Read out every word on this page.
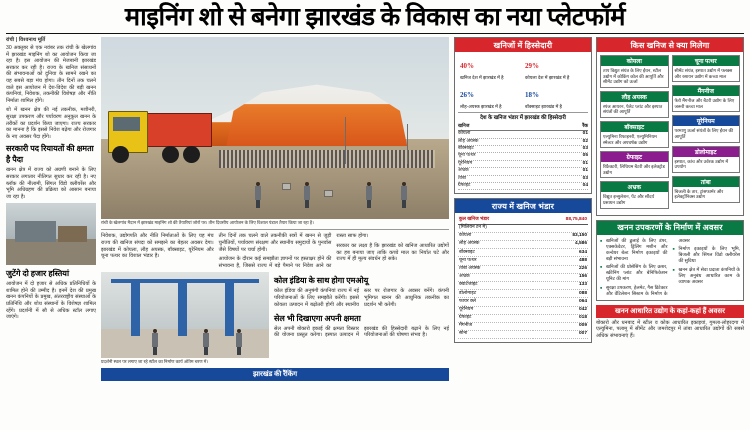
माइनिंग शो से बनेगा झारखंड के विकास का नया प्लेटफॉर्म
रांची | विश्वनाथ मूर्ति

30 अक्तूबर से एक नवंबर तक रांची के खेलगांव में झारखंड माइनिंग शो का आयोजन किया जा रहा है। इस आयोजन की मेजबानी झारखंड सरकार कर रही है। राज्य के खनिज संसाधनों की संभावनाओं को दुनिया के सामने रखने का यह सबसे बड़ा मंच होगा। तीन दिनों तक चलने वाले इस आयोजन में देश-विदेश की बड़ी खनन कंपनियां, निवेशक, तकनीकी विशेषज्ञ और नीति निर्माता शामिल होंगे।

शो में खनन क्षेत्र की नई तकनीक, मशीनरी, सुरक्षा उपकरण और पर्यावरण अनुकूल खनन के तरीकों का प्रदर्शन किया जाएगा। राज्य सरकार का मानना है कि इससे निवेश बढ़ेगा और रोजगार के नए अवसर पैदा होंगे।

सरकारी पद रियायतों की क्षमता है पैदा

खनन क्षेत्र में राज्य को अग्रणी बनाने के लिए सरकार लगातार नीतिगत सुधार कर रही है। नए ब्लॉक की नीलामी, सिंगल विंडो क्लीयरेंस और भूमि अधिग्रहण की प्रक्रिया को आसान बनाया जा रहा है।

जुटेंगे दो हजार हस्तियां

आयोजन में दो हजार से अधिक प्रतिनिधियों के शामिल होने की उम्मीद है। इनमें देश की प्रमुख खनन कंपनियों के प्रमुख, अंतरराष्ट्रीय संस्थाओं के प्रतिनिधि और शोध संस्थानों के विशेषज्ञ शामिल रहेंगे। प्रदर्शनी में सौ से अधिक स्टॉल लगाए जाएंगे।

रांची के खेलगांव मैदान में झारखंड माइनिंग शो की तैयारियां जोरों पर। तीन दिवसीय आयोजन के लिए विशाल पंडाल तैयार किया जा रहा है।

निवेशक, उद्योगपति और नीति निर्माताओं के लिए यह मंच राज्य की खनिज संपदा को समझने का बेहतर अवसर देगा। झारखंड में कोयला, लौह अयस्क, बॉक्साइट, यूरेनियम और चूना पत्थर का विशाल भंडार है।

तीन दिनों तक चलने वाले तकनीकी सत्रों में खनन से जुड़ी चुनौतियों, पर्यावरण संरक्षण और स्थानीय समुदायों के पुनर्वास जैसे विषयों पर चर्चा होगी।

आयोजन के दौरान कई समझौता ज्ञापनों पर हस्ताक्षर होने की संभावना है, जिससे राज्य में बड़े पैमाने पर निवेश आने का रास्ता साफ होगा।

सरकार का लक्ष्य है कि झारखंड को खनिज आधारित उद्योगों का हब बनाया जाए ताकि कच्चे माल का निर्यात घटे और राज्य में ही मूल्य संवर्धन हो सके।

प्रदर्शनी स्थल पर लगाए जा रहे स्टॉल का निर्माण कार्य अंतिम चरण में।
कोल इंडिया के साथ होगा एमओयू

कोल इंडिया की अनुषंगी कंपनियां राज्य में नई परियोजनाओं के लिए समझौते करेंगी। इससे कोयला उत्पादन में बढ़ोतरी होगी और स्थानीय स्तर पर रोजगार के अवसर बनेंगे। कंपनी भूमिगत खनन की आधुनिक तकनीक का प्रदर्शन भी करेगी।

सेल भी दिखाएगा अपनी क्षमता

सेल अपनी बोकारो इकाई की क्षमता विस्तार की योजना प्रस्तुत करेगा। इस्पात उत्पादन में झारखंड की हिस्सेदारी बढ़ाने के लिए नई परियोजनाओं की घोषणा संभव है।

झारखंड की रैंकिंग
खनिजों में हिस्सेदारी
40%
खनिज देश में झारखंड में है
29%
कोयला देश में झारखंड में है
26%
लौह-अयस्क झारखंड में है
18%
बॉक्साइट झारखंड में है
देश के खनिज भंडार में झारखंड की हिस्सेदारी
खनिज	रैंक
कोयला	01
लौह अयस्क	02
बॉक्साइट	03
चूना पत्थर	05
यूरेनियम	01
अभ्रक	01
तांबा	03
ग्रेफाइट	04
राज्य में खनिज भंडार
कुल खनिज भंडार	88,75,840
(मिलियन टन में)	
कोयला	83,150
लौह अयस्क	4,586
बॉक्साइट	634
चूना पत्थर	488
तांबा अयस्क	226
अभ्रक	156
क्वार्टजाइट	133
डोलोमाइट	088
फायर क्ले	064
यूरेनियम	042
ग्रेफाइट	018
मैंगनीज	009
सोना	007
किस खनिज से क्या मिलेगा
कोयला
ताप विद्युत संयंत्र के लिए ईंधन, स्टील उद्योग में कोकिंग कोल की आपूर्ति और सीमेंट उद्योग को ऊर्जा
लौह अयस्क
स्पंज आयरन, पेलेट प्लांट और इस्पात संयंत्रों की आपूर्ति
बॉक्साइट
एल्युमिना रिफाइनरी, एल्युमिनियम स्मेल्टर और अपघर्षक उद्योग
ग्रेफाइट
रिफ्रैक्टरी, लिथियम बैटरी और इलेक्ट्रोड उद्योग
अभ्रक
विद्युत इन्सुलेशन, पेंट और सौंदर्य प्रसाधन उद्योग
चूना पत्थर
सीमेंट संयंत्र, इस्पात उद्योग में फ्लक्स और रसायन उद्योग में कच्चा माल
मैंगनीज
फेरो मैंगनीज और बैटरी उद्योग के लिए जरूरी कच्चा माल
यूरेनियम
परमाणु ऊर्जा संयंत्रों के लिए ईंधन की आपूर्ति
डोलोमाइट
इस्पात, कांच और उर्वरक उद्योग में उपयोग
तांबा
बिजली के तार, ट्रांसफार्मर और इलेक्ट्रॉनिक्स उद्योग
खनन उपकरणों के निर्माण में अवसर
■ खनिजों की ढुलाई के लिए डंपर, एक्सकेवेटर, ड्रिलिंग मशीन और कन्वेयर बेल्ट निर्माण इकाइयों की बड़ी संभावना
■ खनिजों की प्रोसेसिंग के लिए क्रशर, स्क्रीनिंग प्लांट और बेनिफिकेशन यूनिट की मांग
■ सुरक्षा उपकरण, हेलमेट, गैस डिटेक्टर और वेंटिलेशन सिस्टम के निर्माण के अवसर
■ निर्माण इकाइयों के लिए भूमि, बिजली और सिंगल विंडो क्लीयरेंस की सुविधा
■ खनन क्षेत्र में सेवा प्रदाता कंपनियों के लिए अनुबंध आधारित काम के व्यापक अवसर
खनन आधारित उद्योग के कहां-कहां हैं अवसर
बोकारो और धनबाद में स्टील व कोक आधारित इकाइयां, गुमला-लोहरदगा में एल्युमिना, पलामू में सीमेंट और जमशेदपुर में तांबा आधारित उद्योगों की सबसे अधिक संभावनाएं हैं।
